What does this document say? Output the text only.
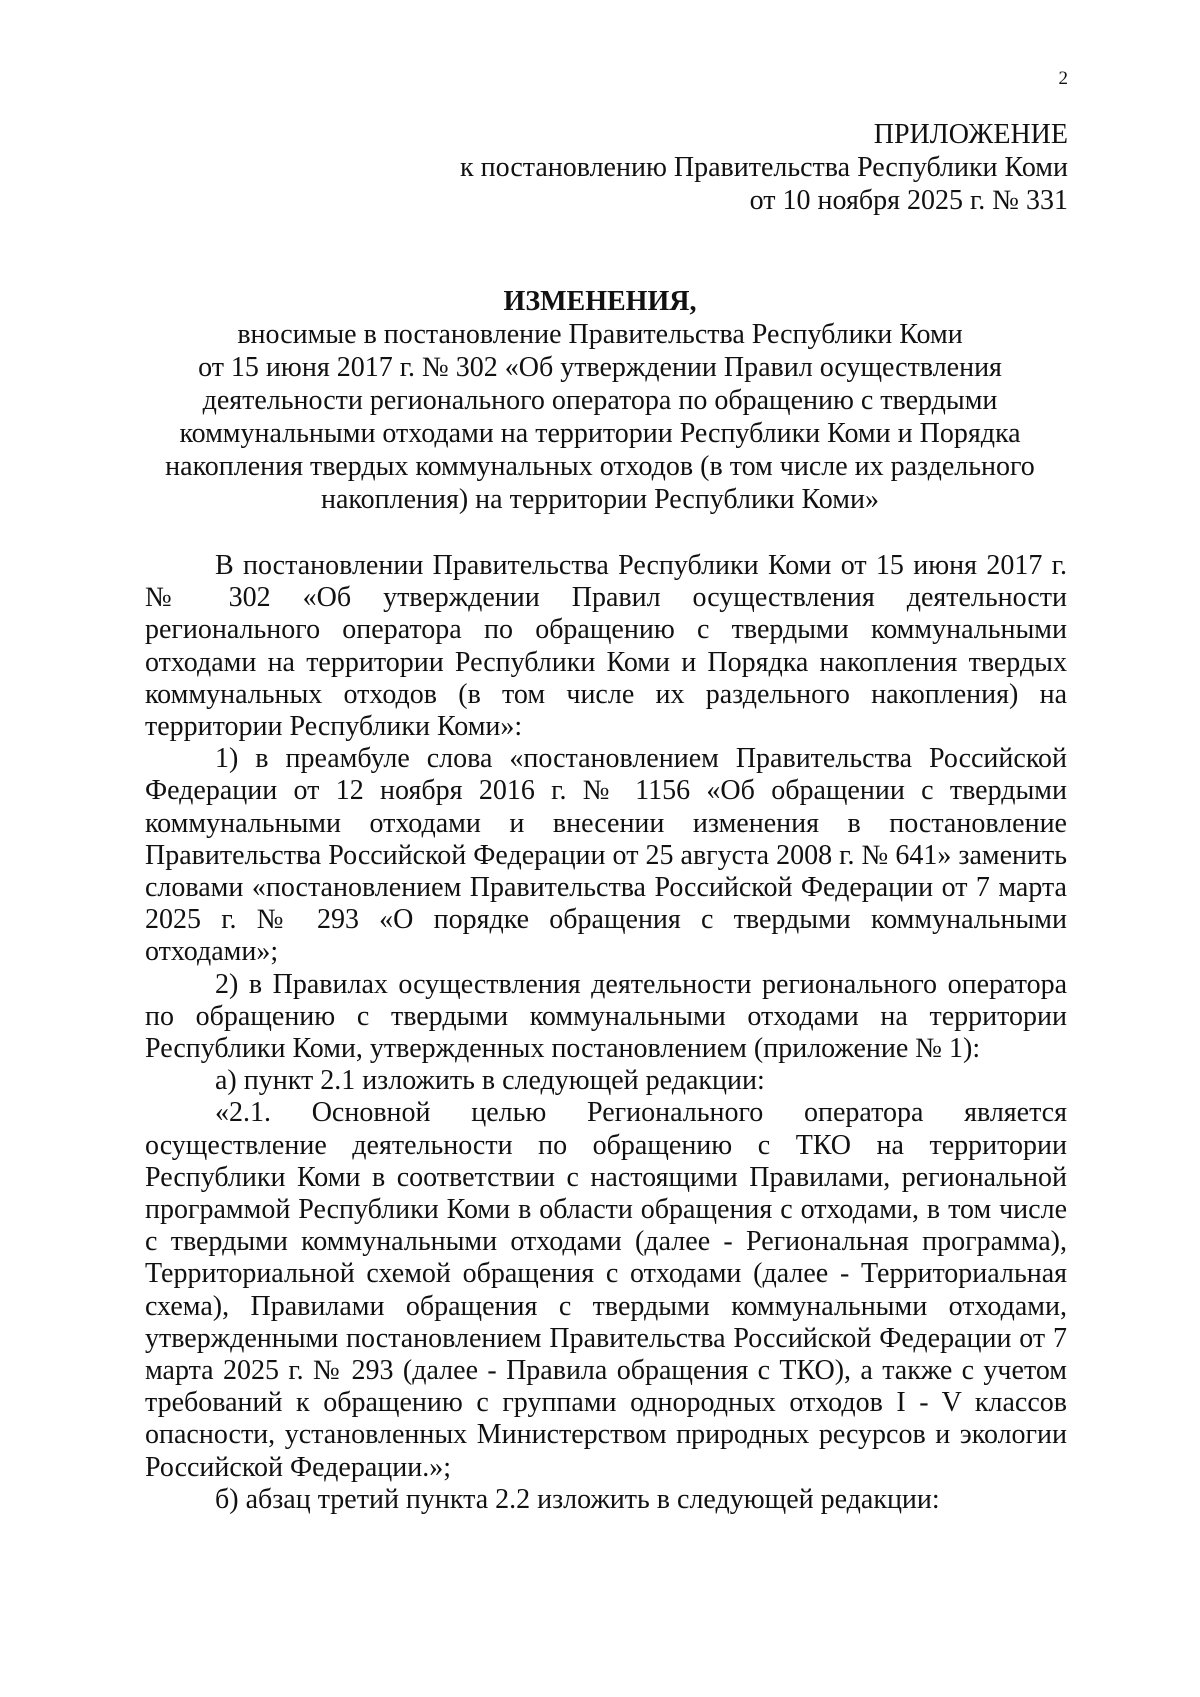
2
ПРИЛОЖЕНИЕ
к постановлению Правительства Республики Коми
от 10 ноября 2025 г. № 331
ИЗМЕНЕНИЯ,
вносимые в постановление Правительства Республики Коми
от 15 июня 2017 г. № 302 «Об утверждении Правил осуществления
деятельности регионального оператора по обращению с твердыми
коммунальными отходами на территории Республики Коми и Порядка
накопления твердых коммунальных отходов (в том числе их раздельного
накопления) на территории Республики Коми»

В постановлении Правительства Республики Коми от 15 июня 2017 г. № 302 «Об утверждении Правил осуществления деятельности регионального оператора по обращению с твердыми коммунальными отходами на территории Республики Коми и Порядка накопления твердых коммунальных отходов (в том числе их раздельного накопления) на территории Республики Коми»:

1) в преамбуле слова «постановлением Правительства Российской Федерации от 12 ноября 2016 г. № 1156 «Об обращении с твердыми коммунальными отходами и внесении изменения в постановление Правительства Российской Федерации от 25 августа 2008 г. № 641» заменить словами «постановлением Правительства Российской Федерации от 7 марта 2025 г. № 293 «О порядке обращения с твердыми коммунальными отходами»;

2) в Правилах осуществления деятельности регионального оператора по обращению с твердыми коммунальными отходами на территории Республики Коми, утвержденных постановлением (приложение № 1):

а) пункт 2.1 изложить в следующей редакции:

«2.1. Основной целью Регионального оператора является осуществление деятельности по обращению с ТКО на территории Республики Коми в соответствии с настоящими Правилами, региональной программой Республики Коми в области обращения с отходами, в том числе с твердыми коммунальными отходами (далее - Региональная программа), Территориальной схемой обращения с отходами (далее - Территориальная схема), Правилами обращения с твердыми коммунальными отходами, утвержденными постановлением Правительства Российской Федерации от 7 марта 2025 г. № 293 (далее - Правила обращения с ТКО), а также с учетом требований к обращению с группами однородных отходов I - V классов опасности, установленных Министерством природных ресурсов и экологии Российской Федерации.»;

б) абзац третий пункта 2.2 изложить в следующей редакции:
